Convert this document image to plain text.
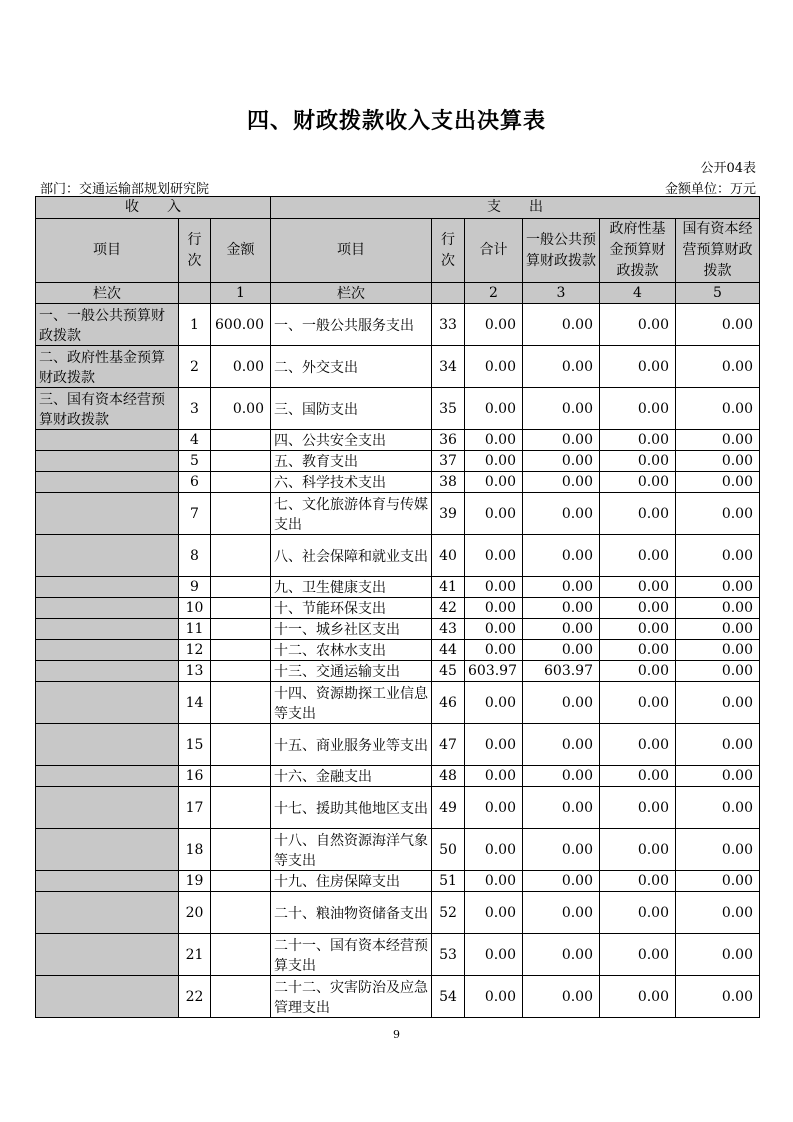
四、财政拨款收入支出决算表
公开04表
部门：交通运输部规划研究院	金额单位：万元
收　　入			支　　出					
项目	行次	金额	项目	行次	合计	一般公共预算财政拨款	政府性基金预算财政拨款	国有资本经营预算财政拨款
栏次		1	栏次		2	3	4	5
一、一般公共预算财政拨款	1	600.00	一、一般公共服务支出	33	0.00	0.00	0.00	0.00
二、政府性基金预算财政拨款	2	0.00	二、外交支出	34	0.00	0.00	0.00	0.00
三、国有资本经营预算财政拨款	3	0.00	三、国防支出	35	0.00	0.00	0.00	0.00
	4		四、公共安全支出	36	0.00	0.00	0.00	0.00
	5		五、教育支出	37	0.00	0.00	0.00	0.00
	6		六、科学技术支出	38	0.00	0.00	0.00	0.00
	7		七、文化旅游体育与传媒支出	39	0.00	0.00	0.00	0.00
	8		八、社会保障和就业支出	40	0.00	0.00	0.00	0.00
	9		九、卫生健康支出	41	0.00	0.00	0.00	0.00
	10		十、节能环保支出	42	0.00	0.00	0.00	0.00
	11		十一、城乡社区支出	43	0.00	0.00	0.00	0.00
	12		十二、农林水支出	44	0.00	0.00	0.00	0.00
	13		十三、交通运输支出	45	603.97	603.97	0.00	0.00
	14		十四、资源勘探工业信息等支出	46	0.00	0.00	0.00	0.00
	15		十五、商业服务业等支出	47	0.00	0.00	0.00	0.00
	16		十六、金融支出	48	0.00	0.00	0.00	0.00
	17		十七、援助其他地区支出	49	0.00	0.00	0.00	0.00
	18		十八、自然资源海洋气象等支出	50	0.00	0.00	0.00	0.00
	19		十九、住房保障支出	51	0.00	0.00	0.00	0.00
	20		二十、粮油物资储备支出	52	0.00	0.00	0.00	0.00
	21		二十一、国有资本经营预算支出	53	0.00	0.00	0.00	0.00
	22		二十二、灾害防治及应急管理支出	54	0.00	0.00	0.00	0.00
9
